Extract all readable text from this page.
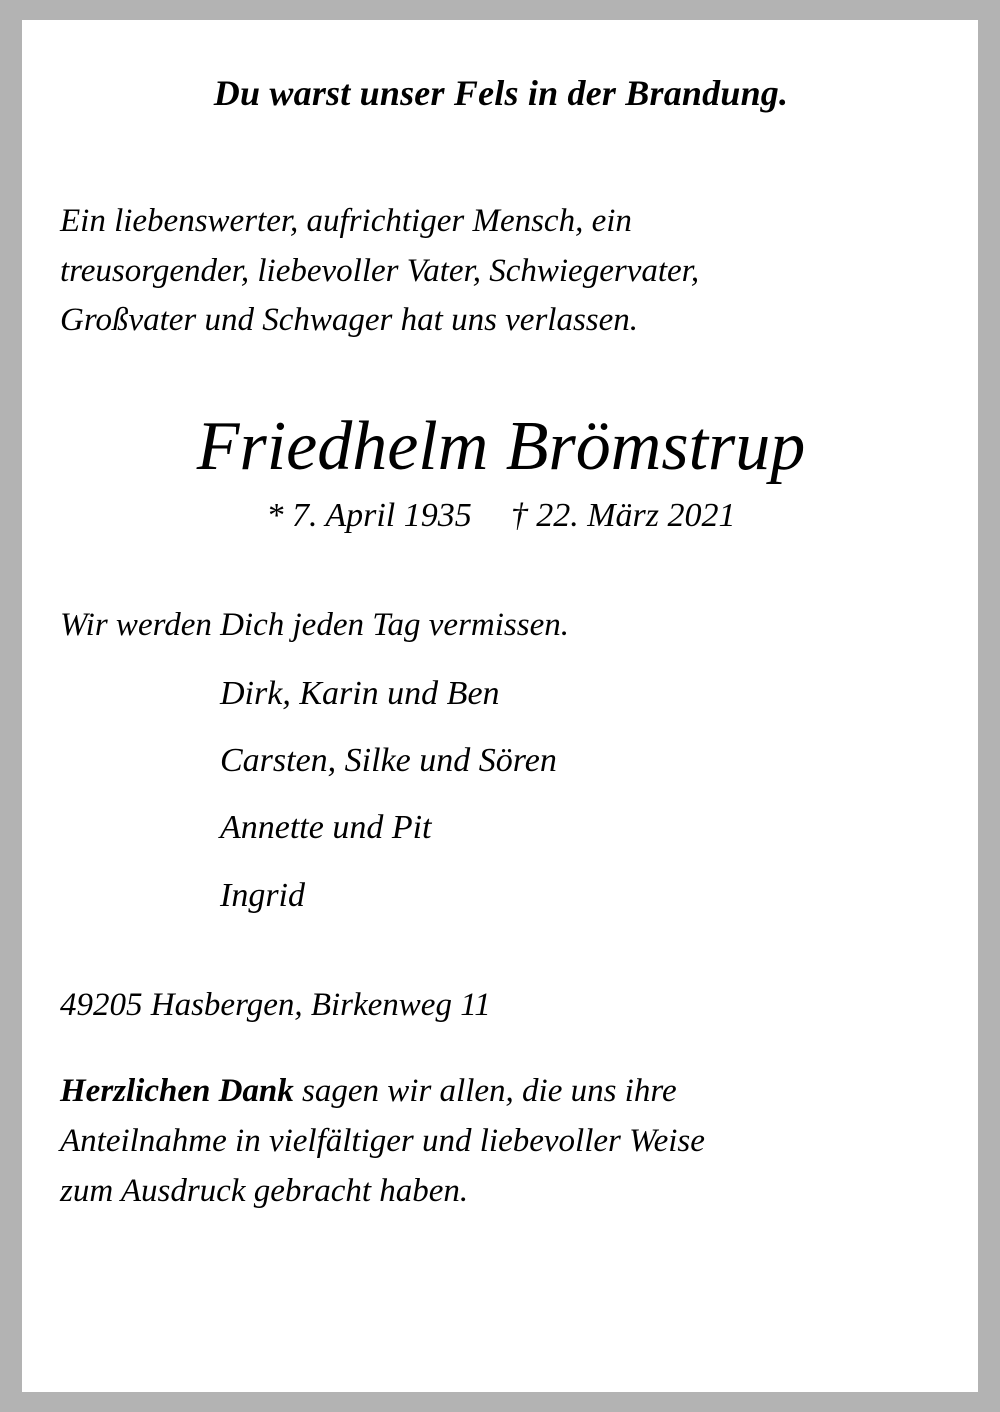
Du warst unser Fels in der Brandung.
Ein liebenswerter, aufrichtiger Mensch, ein
treusorgender, liebevoller Vater, Schwiegervater,
Großvater und Schwager hat uns verlassen.
Friedhelm Brömstrup
* 7. April 1935 † 22. März 2021
Wir werden Dich jeden Tag vermissen.
Dirk, Karin und Ben
Carsten, Silke und Sören
Annette und Pit
Ingrid
49205 Hasbergen, Birkenweg 11
Herzlichen Dank sagen wir allen, die uns ihre
Anteilnahme in vielfältiger und liebevoller Weise
zum Ausdruck gebracht haben.
